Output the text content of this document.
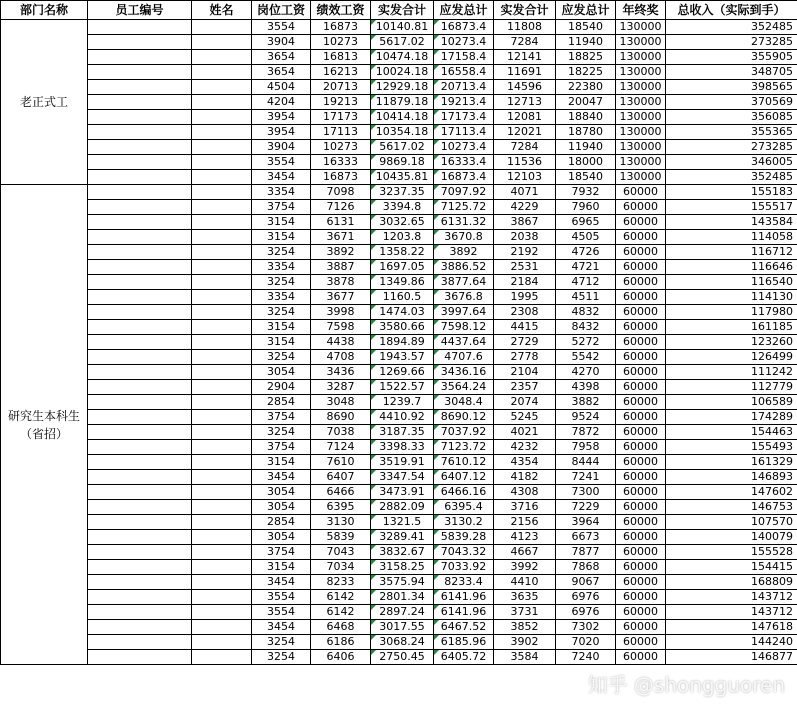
部门名称	员工编号	姓名	岗位工资	绩效工资	实发合计	应发总计	实发合计	应发总计	年终奖	总收入（实际到手）
老正式工			3554	16873	10140.81	16873.4	11808	18540	130000	352485
			3904	10273	5617.02	10273.4	7284	11940	130000	273285
			3654	16813	10474.18	17158.4	12141	18825	130000	355905
			3654	16213	10024.18	16558.4	11691	18225	130000	348705
			4504	20713	12929.18	20713.4	14596	22380	130000	398565
			4204	19213	11879.18	19213.4	12713	20047	130000	370569
			3954	17173	10414.18	17173.4	12081	18840	130000	356085
			3954	17113	10354.18	17113.4	12021	18780	130000	355365
			3904	10273	5617.02	10273.4	7284	11940	130000	273285
			3554	16333	9869.18	16333.4	11536	18000	130000	346005
			3454	16873	10435.81	16873.4	12103	18540	130000	352485
研究生本科生（省招）			3354	7098	3237.35	7097.92	4071	7932	60000	155183
			3754	7126	3394.8	7125.72	4229	7960	60000	155517
			3154	6131	3032.65	6131.32	3867	6965	60000	143584
			3154	3671	1203.8	3670.8	2038	4505	60000	114058
			3254	3892	1358.22	3892	2192	4726	60000	116712
			3354	3887	1697.05	3886.52	2531	4721	60000	116646
			3254	3878	1349.86	3877.64	2184	4712	60000	116540
			3354	3677	1160.5	3676.8	1995	4511	60000	114130
			3254	3998	1474.03	3997.64	2308	4832	60000	117980
			3154	7598	3580.66	7598.12	4415	8432	60000	161185
			3154	4438	1894.89	4437.64	2729	5272	60000	123260
			3254	4708	1943.57	4707.6	2778	5542	60000	126499
			3054	3436	1269.66	3436.16	2104	4270	60000	111242
			2904	3287	1522.57	3564.24	2357	4398	60000	112779
			2854	3048	1239.7	3048.4	2074	3882	60000	106589
			3754	8690	4410.92	8690.12	5245	9524	60000	174289
			3254	7038	3187.35	7037.92	4021	7872	60000	154463
			3754	7124	3398.33	7123.72	4232	7958	60000	155493
			3154	7610	3519.91	7610.12	4354	8444	60000	161329
			3454	6407	3347.54	6407.12	4182	7241	60000	146893
			3054	6466	3473.91	6466.16	4308	7300	60000	147602
			3054	6395	2882.09	6395.4	3716	7229	60000	146753
			2854	3130	1321.5	3130.2	2156	3964	60000	107570
			3054	5839	3289.41	5839.28	4123	6673	60000	140079
			3754	7043	3832.67	7043.32	4667	7877	60000	155528
			3154	7034	3158.25	7033.92	3992	7868	60000	154415
			3454	8233	3575.94	8233.4	4410	9067	60000	168809
			3554	6142	2801.34	6141.96	3635	6976	60000	143712
			3554	6142	2897.24	6141.96	3731	6976	60000	143712
			3454	6468	3017.55	6467.52	3852	7302	60000	147618
			3254	6186	3068.24	6185.96	3902	7020	60000	144240
			3254	6406	2750.45	6405.72	3584	7240	60000	146877
知乎 @shongguoren
